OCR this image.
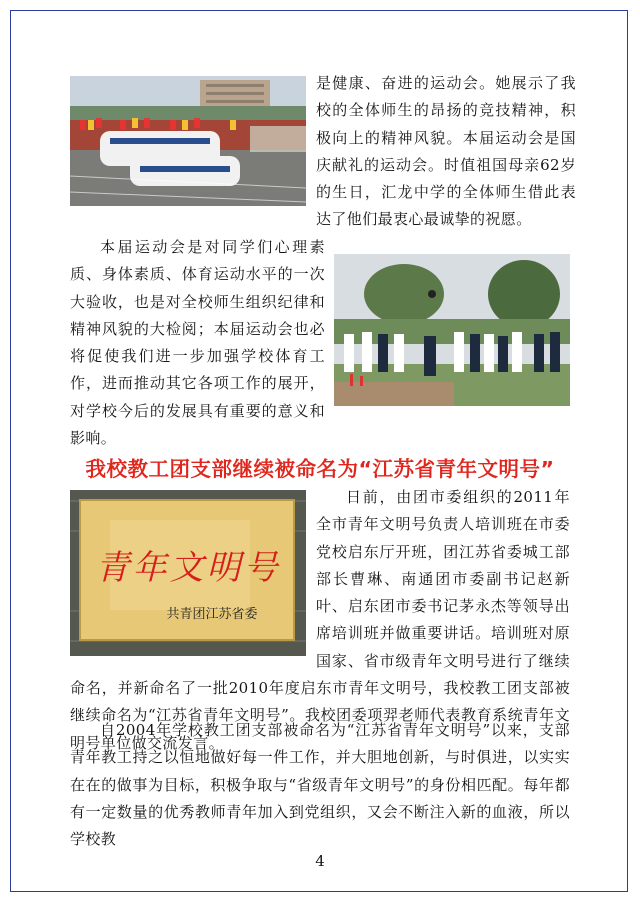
是健康、奋进的运动会。她展示了我校的全体师生的昂扬的竞技精神，积极向上的精神风貌。本届运动会是国庆献礼的运动会。时值祖国母亲62岁的生日，汇龙中学的全体师生借此表达了他们最衷心最诚挚的祝愿。

本届运动会是对同学们心理素质、身体素质、体育运动水平的一次大验收，也是对全校师生组织纪律和精神风貌的大检阅；本届运动会也必将促使我们进一步加强学校体育工作，进而推动其它各项工作的展开，对学校今后的发展具有重要的意义和影响。

我校教工团支部继续被命名为“江苏省青年文明号”
青年文明号
共青团江苏省委

日前，由团市委组织的2011年全市青年文明号负责人培训班在市委党校启东厅开班，团江苏省委城工部部长曹琳、南通团市委副书记赵新叶、启东团市委书记茅永杰等领导出席培训班并做重要讲话。培训班对原国家、省市级青年文明号进行了继续命名，并新命名了一批2010年度启东市青年文明号，我校教工团支部被继续命名为“江苏省青年文明号”。我校团委项羿老师代表教育系统青年文明号单位做交流发言。

自2004年学校教工团支部被命名为“江苏省青年文明号”以来，支部青年教工持之以恒地做好每一件工作，并大胆地创新，与时俱进，以实实在在的做事为目标，积极争取与“省级青年文明号”的身份相匹配。每年都有一定数量的优秀教师青年加入到党组织，又会不断注入新的血液，所以学校教

4
